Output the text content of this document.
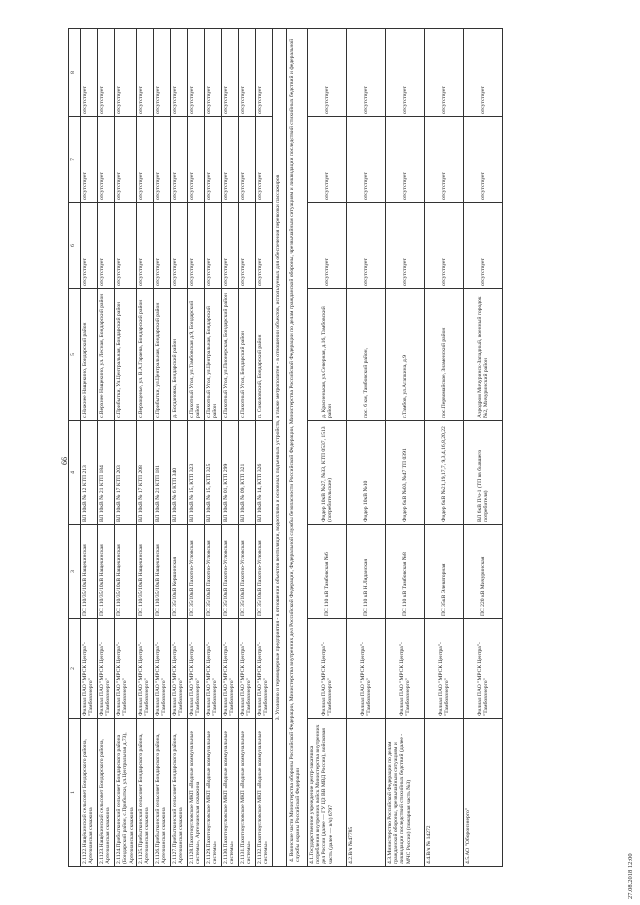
66
1	2	3	4	5	6	7	8
2.1122.Нащёкинский сельсовет Бондарского района, Артезианская скважина	Филиал ПАО "МРСК Центра"-"Тамбовэнерго"	ПС 110/35/10кВ Нащекинская	ВЛ 10кВ № 12 КТП 213	с.Нижнее Нащекино, Бондарский район	отсутствует	отсутствует	отсутствует
2.1123.Нащёкинский сельсовет Бондарского района, Артезианская скважина	Филиал ПАО "МРСК Центра"-"Тамбовэнерго"	ПС 110/35/10кВ Нащекинская	ВЛ 10кВ № 21 КТП 184	с.Верхнее Нащекино, ул. Лесная, Бондарский район	отсутствует	отсутствует	отсутствует
2.1124.Прибыткинский сельсовет Бондарского района (Бондарский район, с.Прибытки, ул.Центральная д.73), Артезианская скважина	Филиал ПАО "МРСК Центра"-"Тамбовэнерго"	ПС 110/35/10кВ Нащекинская	ВЛ 10кВ № 17 КТП 203	с.Прибытки, Ул.Центральная, Бондарский район	отсутствует	отсутствует	отсутствует
2.1125.Прибыткинский сельсовет Бондарского района, Артезианская скважина	Филиал ПАО "МРСК Центра"-"Тамбовэнерго"	ПС 110/35/10кВ Нащекинская	ВЛ 10кВ № 17 КТП 208	с.Верхоценье, ул. В.А.Гараева, Бондарский район	отсутствует	отсутствует	отсутствует
2.1126.Прибыткинский сельсовет Бондарского района, Артезианская скважина	Филиал ПАО "МРСК Центра"-"Тамбовэнерго"	ПС 110/35/10кВ Нащекинская	ВЛ 10кВ № 21 КТП 181	с.Прибытки, ул.Центральная, Бондарский район	отсутствует	отсутствует	отсутствует
2.1127.Прибыткинский сельсовет Бондарского района, Артезианская скважина	Филиал ПАО "МРСК Центра"-"Тамбовэнерго"	ПС 35/10кВ Кершинская	ВЛ 10кВ № 6 КТП 340	д. Богдановка, Бондарский район	отсутствует	отсутствует	отсутствует
2.1128.Пахотноугловское МКП «Водные коммунальные системы», Артезианская скважина	Филиал ПАО "МРСК Центра"-"Тамбовэнерго"	ПС 35/10кВ Пахотно-Угловская	ВЛ 10кВ № 15, КТП 323	с.Пахотный Угол, ул.Тамбовская д.9, Бондарский район	отсутствует	отсутствует	отсутствует
2.1129.Пахотноугловское МКП «Водные коммунальные системы»	Филиал ПАО "МРСК Центра"-"Тамбовэнерго"	ПС 35/10кВ Пахотно-Угловская	ВЛ 10кВ № 15, КТП 325	с.Пахотный Угол, ул.Центральная, Бондарский район	отсутствует	отсутствует	отсутствует
2.1130.Пахотноугловское МКП «Водные коммунальные системы»	Филиал ПАО "МРСК Центра"-"Тамбовэнерго"	ПС 35/10кВ Пахотно-Угловская	ВЛ 10кВ № 01, КТП 299	с.Пахотный Угол, ул.Пионерская, Бондарский район	отсутствует	отсутствует	отсутствует
2.1131.Пахотноугловское МКП «Водные коммунальные системы»	Филиал ПАО "МРСК Центра"-"Тамбовэнерго"	ПС 35/10кВ Пахотно-Угловская	ВЛ 10кВ № 09, КТП 321	с.Пахотный Угол, Бондарский район	отсутствует	отсутствует	отсутствует
2.1132.Пахотноугловское МКП «Водные коммунальные системы»	Филиал ПАО "МРСК Центра"-"Тамбовэнерго"	ПС 35/10кВ Пахотно-Угловская	ВЛ 10кВ № 14, КТП 326	п. Соколовский, Бондарский район	отсутствует	отсутствует	отсутствует
3. Уголовно и термоядерные предприятия - в отношении объектов вентиляции, водоотлива и основных подъемных устройств, а также метрополитен - в отношении объектов, используемых для обеспечения перевозки пассажиров							
4. Воинские части Министерства обороны Российской Федерации, Министерства внутренних дел Российской Федерации, Федеральной службы безопасности Российской Федерации, Министерства Российской Федерации по делам гражданской обороны, чрезвычайным ситуациям и ликвидации последствий стихийных бедствий и федеральной службы охраны Российской Федерации							
4.1.Государственное учреждение центр-заказчика потребления внутренних войск Министерства внутренних дел России (далее — ГУ ЦЗ ВВ МВД России), войсковая часть (далее — в/ч) 6797	Филиал ПАО "МРСК Центра"-"Тамбовэнерго"	ПС 110 кВ Тамбовская №6	Фидер 10кВ №27, №33, КТП 0537, 1513 (потребительские)	д. Красненькая, ул.Северная, д.16, Тамбовский район	отсутствует	отсутствует	отсутствует
4.2.В/ч №47785	Филиал ПАО "МРСК Центра"-"Тамбовэнерго"	ПС 110 кВ Н.Ляданская	Фидер 10кВ №10	пос. 6 км, Тамбовский район,	отсутствует	отсутствует	отсутствует
4.3.Министерство Российской Федерации по делам гражданской обороны, чрезвычайным ситуациям и ликвидации последствий стихийных бедствий (далее - МЧС России) (пожарная часть №3)	Филиал ПАО "МРСК Центра"-"Тамбовэнерго"	ПС 110 кВ Тамбовская №8	Фидер 6кВ №03, №47 ТП 0391	г.Тамбов, ул.Агапкина, д.9	отсутствует	отсутствует	отсутствует
4.4.В/ч № 14272	Филиал ПАО "МРСК Центра"-"Тамбовэнерго"	ПС 35кВ Элеваторная	Фидер 6кВ №21,19,17,7, 9,3,4,16,8,20,22	пос.Первомайское, Знаменский район	отсутствует	отсутствует	отсутствует
4.5.АО "Оборонэнерго"	Филиал ПАО "МРСК Центра"-"Тамбовэнерго"	ПС 220 кВ Мичуринская	ВЛ 6кВ П/ч-1 (ТП вв бывшего потребителя)	Аэродром Мичуринск-Западный, военный городок №2, Мичуринский район	отсутствует	отсутствует	отсутствует
27.08.2018 12:00
